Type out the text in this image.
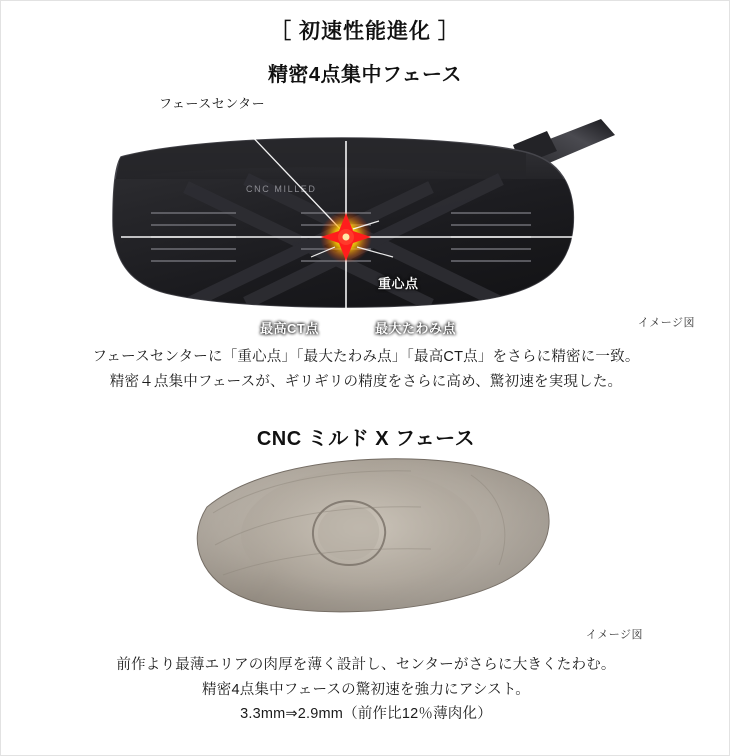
［ 初速性能進化 ］
精密4点集中フェース
フェースセンター
CNC MILLED
重心点
最高CT点	最大たわみ点	イメージ図
フェースセンターに「重心点」「最大たわみ点」「最高CT点」をさらに精密に一致。
精密４点集中フェースが、ギリギリの精度をさらに高め、驚初速を実現した。
CNC ミルド X フェース
イメージ図
前作より最薄エリアの肉厚を薄く設計し、センターがさらに大きくたわむ。
精密4点集中フェースの驚初速を強力にアシスト。
3.3mm⇒2.9mm（前作比12％薄肉化）
